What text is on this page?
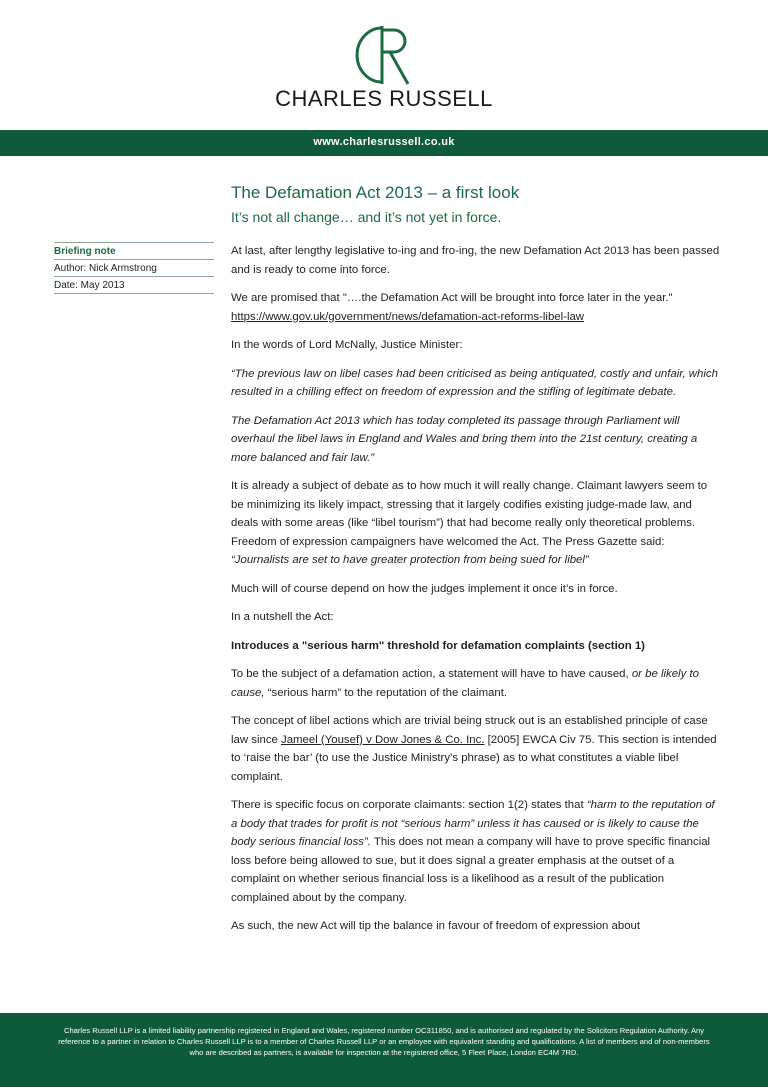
CHARLES RUSSELL
www.charlesrussell.co.uk
The Defamation Act 2013 – a first look
It’s not all change… and it’s not yet in force.
Briefing note
Author: Nick Armstrong
Date: May 2013

At last, after lengthy legislative to-ing and fro-ing, the new Defamation Act 2013 has been passed and is ready to come into force.

We are promised that "….the Defamation Act will be brought into force later in the year."
https://www.gov.uk/government/news/defamation-act-reforms-libel-law

In the words of Lord McNally, Justice Minister:

“The previous law on libel cases had been criticised as being antiquated, costly and unfair, which resulted in a chilling effect on freedom of expression and the stifling of legitimate debate.

The Defamation Act 2013 which has today completed its passage through Parliament will overhaul the libel laws in England and Wales and bring them into the 21st century, creating a more balanced and fair law.”

It is already a subject of debate as to how much it will really change. Claimant lawyers seem to be minimizing its likely impact, stressing that it largely codifies existing judge-made law, and deals with some areas (like “libel tourism”) that had become really only theoretical problems. Freedom of expression campaigners have welcomed the Act. The Press Gazette said: “Journalists are set to have greater protection from being sued for libel”

Much will of course depend on how the judges implement it once it’s in force.

In a nutshell the Act:

Introduces a "serious harm" threshold for defamation complaints (section 1)

To be the subject of a defamation action, a statement will have to have caused, or be likely to cause, “serious harm” to the reputation of the claimant.

The concept of libel actions which are trivial being struck out is an established principle of case law since Jameel (Yousef) v Dow Jones & Co. Inc. [2005] EWCA Civ 75. This section is intended to ‘raise the bar’ (to use the Justice Ministry’s phrase) as to what constitutes a viable libel complaint.

There is specific focus on corporate claimants: section 1(2) states that “harm to the reputation of a body that trades for profit is not “serious harm” unless it has caused or is likely to cause the body serious financial loss”. This does not mean a company will have to prove specific financial loss before being allowed to sue, but it does signal a greater emphasis at the outset of a complaint on whether serious financial loss is a likelihood as a result of the publication complained about by the company.

As such, the new Act will tip the balance in favour of freedom of expression about

Charles Russell LLP is a limited liability partnership registered in England and Wales, registered number OC311850, and is authorised and regulated by the Solicitors Regulation Authority. Any reference to a partner in relation to Charles Russell LLP is to a member of Charles Russell LLP or an employee with equivalent standing and qualifications. A list of members and of non-members who are described as partners, is available for inspection at the registered office, 5 Fleet Place, London EC4M 7RD.
